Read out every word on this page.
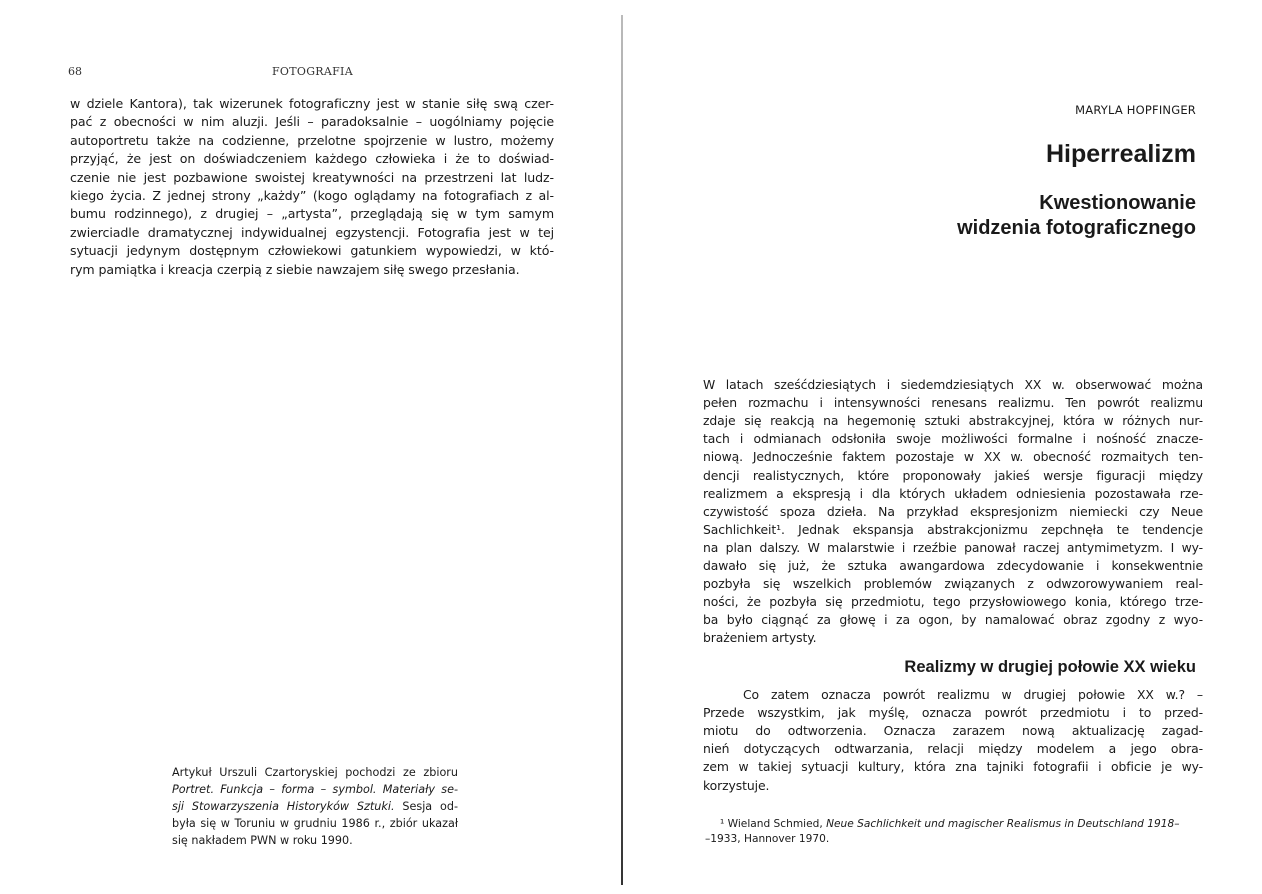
68	FOTOGRAFIA
w dziele Kantora), tak wizerunek fotograficzny jest w stanie siłę swą czer-
pać z obecności w nim aluzji. Jeśli – paradoksalnie – uogólniamy pojęcie
autoportretu także na codzienne, przelotne spojrzenie w lustro, możemy
przyjąć, że jest on doświadczeniem każdego człowieka i że to doświad-
czenie nie jest pozbawione swoistej kreatywności na przestrzeni lat ludz-
kiego życia. Z jednej strony „każdy” (kogo oglądamy na fotografiach z al-
bumu rodzinnego), z drugiej – „artysta”, przeglądają się w tym samym
zwierciadle dramatycznej indywidualnej egzystencji. Fotografia jest w tej
sytuacji jedynym dostępnym człowiekowi gatunkiem wypowiedzi, w któ-
rym pamiątka i kreacja czerpią z siebie nawzajem siłę swego przesłania.
Artykuł Urszuli Czartoryskiej pochodzi ze zbioru
Portret. Funkcja – forma – symbol. Materiały se-
sji Stowarzyszenia Historyków Sztuki. Sesja od-
była się w Toruniu w grudniu 1986 r., zbiór ukazał
się nakładem PWN w roku 1990.
MARYLA HOPFINGER
Hiperrealizm
Kwestionowanie
widzenia fotograficznego
W latach sześćdziesiątych i siedemdziesiątych XX w. obserwować można
pełen rozmachu i intensywności renesans realizmu. Ten powrót realizmu
zdaje się reakcją na hegemonię sztuki abstrakcyjnej, która w różnych nur-
tach i odmianach odsłoniła swoje możliwości formalne i nośność znacze-
niową. Jednocześnie faktem pozostaje w XX w. obecność rozmaitych ten-
dencji realistycznych, które proponowały jakieś wersje figuracji między
realizmem a ekspresją i dla których układem odniesienia pozostawała rze-
czywistość spoza dzieła. Na przykład ekspresjonizm niemiecki czy Neue
Sachlichkeit¹. Jednak ekspansja abstrakcjonizmu zepchnęła te tendencje
na plan dalszy. W malarstwie i rzeźbie panował raczej antymimetyzm. I wy-
dawało się już, że sztuka awangardowa zdecydowanie i konsekwentnie
pozbyła się wszelkich problemów związanych z odwzorowywaniem real-
ności, że pozbyła się przedmiotu, tego przysłowiowego konia, którego trze-
ba było ciągnąć za głowę i za ogon, by namalować obraz zgodny z wyo-
brażeniem artysty.
Realizmy w drugiej połowie XX wieku
Co zatem oznacza powrót realizmu w drugiej połowie XX w.? –
Przede wszystkim, jak myślę, oznacza powrót przedmiotu i to przed-
miotu do odtworzenia. Oznacza zarazem nową aktualizację zagad-
nień dotyczących odtwarzania, relacji między modelem a jego obra-
zem w takiej sytuacji kultury, która zna tajniki fotografii i obficie je wy-
korzystuje.
¹ Wieland Schmied, Neue Sachlichkeit und magischer Realismus in Deutschland 1918–
–1933, Hannover 1970.
